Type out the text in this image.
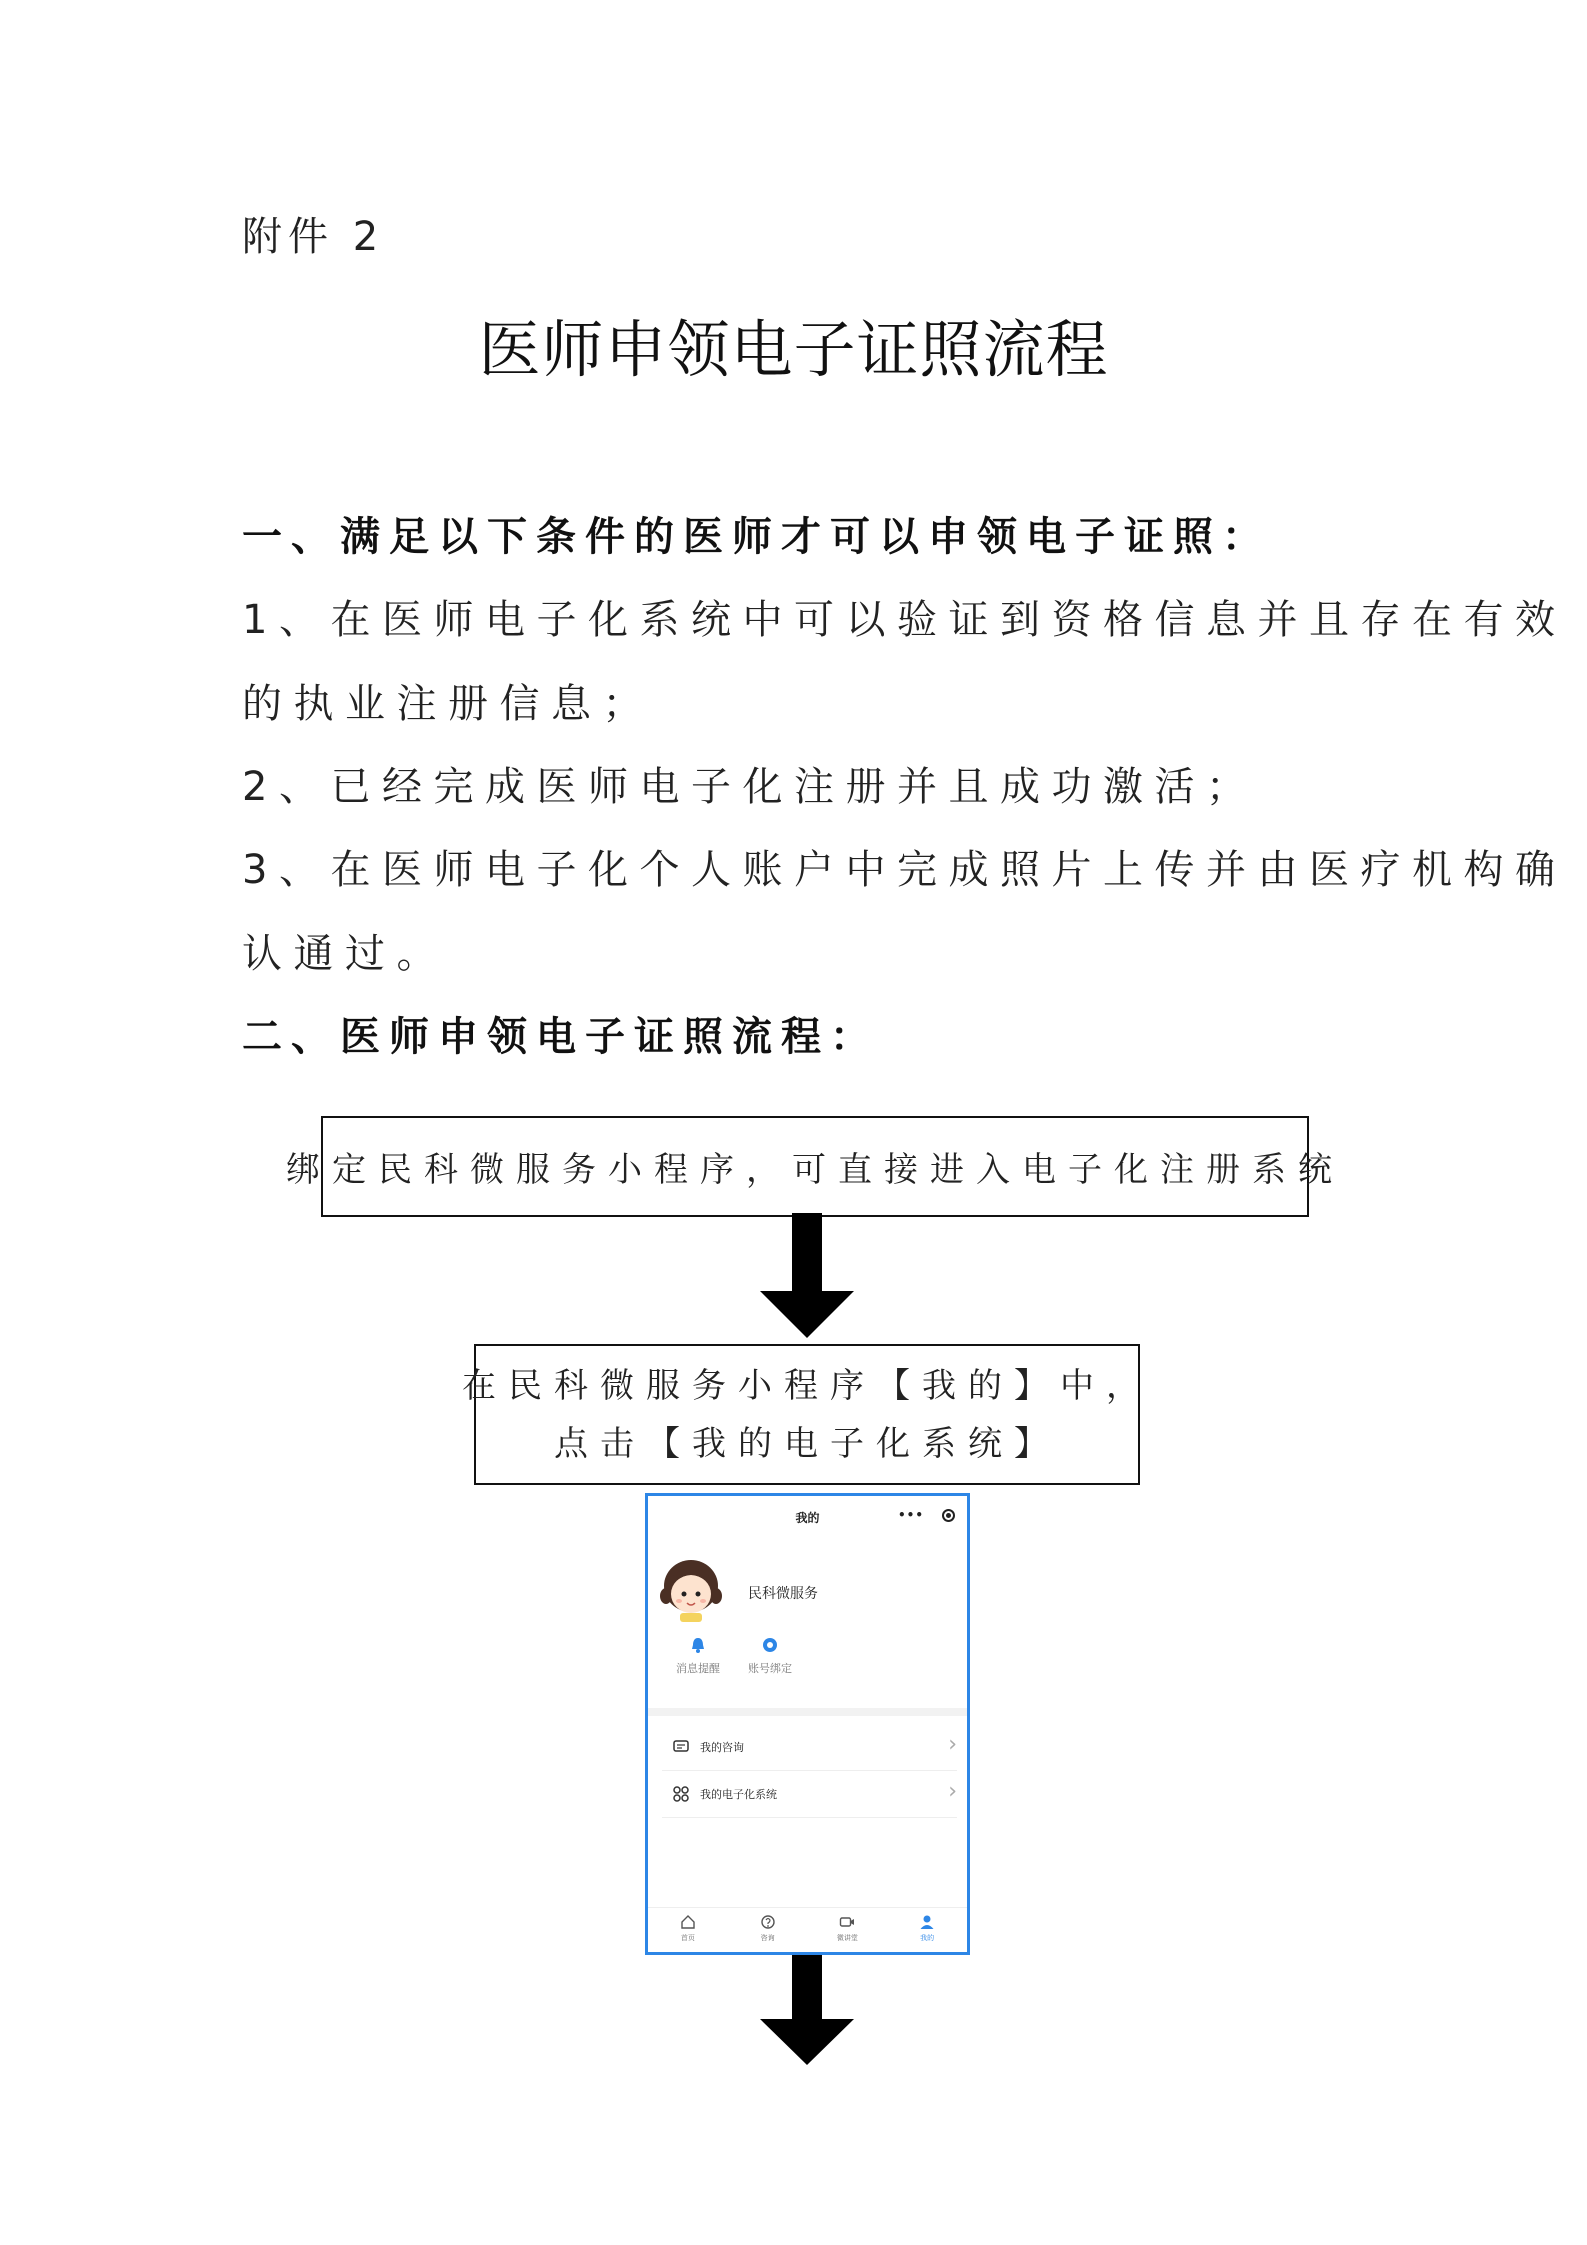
附件 2
医师申领电子证照流程
一、满足以下条件的医师才可以申领电子证照：
1、在医师电子化系统中可以验证到资格信息并且存在有效
的执业注册信息；
2、已经完成医师电子化注册并且成功激活；
3、在医师电子化个人账户中完成照片上传并由医疗机构确
认通过。
二、医师申领电子证照流程：
绑定民科微服务小程序，可直接进入电子化注册系统
在民科微服务小程序【我的】中，
点击【我的电子化系统】
我的	•••
民科微服务
消息提醒	账号绑定
我的咨询	›
我的电子化系统	›
首页	咨询	微讲堂	我的
